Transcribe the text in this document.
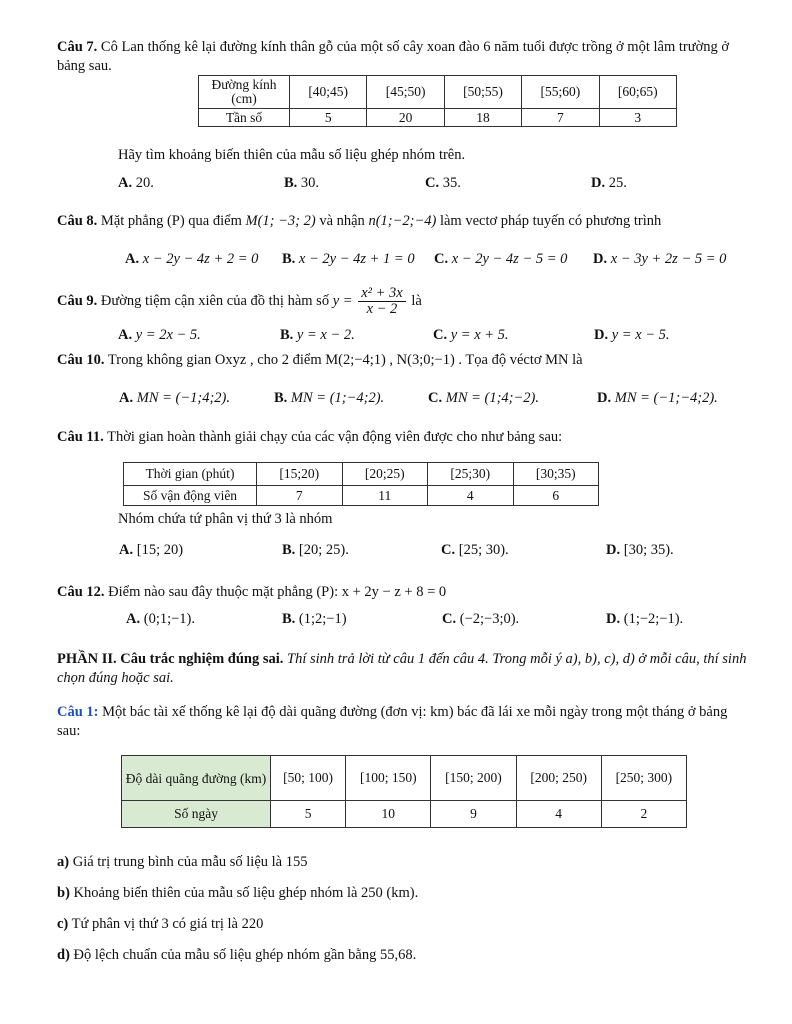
Câu 7. Cô Lan thống kê lại đường kính thân gỗ của một số cây xoan đào 6 năm tuổi được trồng ở một lâm trường ở bảng sau.
Đường kính (cm)	[40;45)	[45;50)	[50;55)	[55;60)	[60;65)
Tần số	5	20	18	7	3
Hãy tìm khoảng biến thiên của mẫu số liệu ghép nhóm trên.
A. 20.	B. 30.	C. 35.	D. 25.
Câu 8. Mặt phẳng (P) qua điểm M(1; −3; 2) và nhận n(1;−2;−4) làm vectơ pháp tuyến có phương trình
A. x − 2y − 4z + 2 = 0 B. x − 2y − 4z + 1 = 0 C. x − 2y − 4z − 5 = 0 D. x − 3y + 2z − 5 = 0
Câu 9. Đường tiệm cận xiên của đồ thị hàm số $y = \frac{\text{x² + 3x}}{x - 2}$ là
A. y = 2x − 5.	B. y = x − 2.	C. y = x + 5.	D. y = x − 5.
Câu 10. Trong không gian Oxyz , cho 2 điểm M(2;−4;1) , N(3;0;−1) . Tọa độ véctơ MN là
A. MN = (−1;4;2).	B. MN = (1;−4;2).	C. MN = (1;4;−2).	D. MN = (−1;−4;2).
Câu 11. Thời gian hoàn thành giải chạy của các vận động viên được cho như bảng sau:
Thời gian (phút)	[15;20)	[20;25)	[25;30)	[30;35)
Số vận động viên	7	11	4	6
Nhóm chứa tứ phân vị thứ 3 là nhóm
A. [15; 20)	B. [20; 25).	C. [25; 30).	D. [30; 35).
Câu 12. Điểm nào sau đây thuộc mặt phẳng (P): x + 2y − z + 8 = 0
A. (0;1;−1).	B. (1;2;−1)	C. (−2;−3;0).	D. (1;−2;−1).
PHẦN II. Câu trắc nghiệm đúng sai. Thí sinh trả lời từ câu 1 đến câu 4. Trong mỗi ý a), b), c), d) ở mỗi câu, thí sinh chọn đúng hoặc sai.
Câu 1: Một bác tài xế thống kê lại độ dài quãng đường (đơn vị: km) bác đã lái xe mỗi ngày trong một tháng ở bảng sau:
Độ dài quãng đường (km)	[50; 100)	[100; 150)	[150; 200)	[200; 250)	[250; 300)
Số ngày	5	10	9	4	2
a) Giá trị trung bình của mẫu số liệu là 155
b) Khoảng biến thiên của mẫu số liệu ghép nhóm là 250 (km).
c) Tứ phân vị thứ 3 có giá trị là 220
d) Độ lệch chuẩn của mẫu số liệu ghép nhóm gần bằng 55,68.
